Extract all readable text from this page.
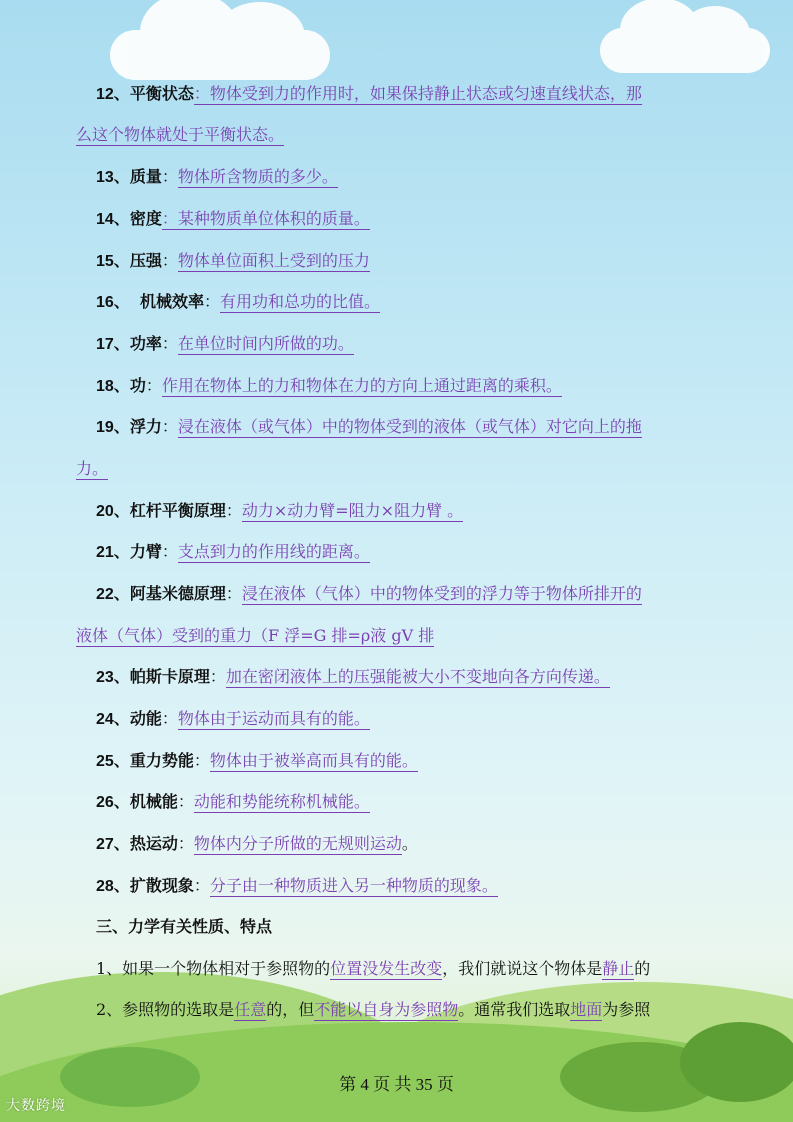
12、平衡状态：物体受到力的作用时，如果保持静止状态或匀速直线状态，那
么这个物体就处于平衡状态。
13、质量：物体所含物质的多少。
14、密度：某种物质单位体积的质量。
15、压强：物体单位面积上受到的压力
16、 机械效率：有用功和总功的比值。
17、功率：在单位时间内所做的功。
18、功：作用在物体上的力和物体在力的方向上通过距离的乘积。
19、浮力：浸在液体（或气体）中的物体受到的液体（或气体）对它向上的拖
力。
20、杠杆平衡原理：动力×动力臂=阻力×阻力臂 。
21、力臂：支点到力的作用线的距离。
22、阿基米德原理：浸在液体（气体）中的物体受到的浮力等于物体所排开的
液体（气体）受到的重力（F 浮=G 排=ρ液 gV 排
23、帕斯卡原理：加在密闭液体上的压强能被大小不变地向各方向传递。
24、动能：物体由于运动而具有的能。
25、重力势能：物体由于被举高而具有的能。
26、机械能：动能和势能统称机械能。
27、热运动：物体内分子所做的无规则运动。
28、扩散现象：分子由一种物质进入另一种物质的现象。
三、力学有关性质、特点
1、如果一个物体相对于参照物的位置没发生改变，我们就说这个物体是静止的
2、参照物的选取是任意的，但不能以自身为参照物。通常我们选取地面为参照
第 4 页 共 35 页
大数跨境
